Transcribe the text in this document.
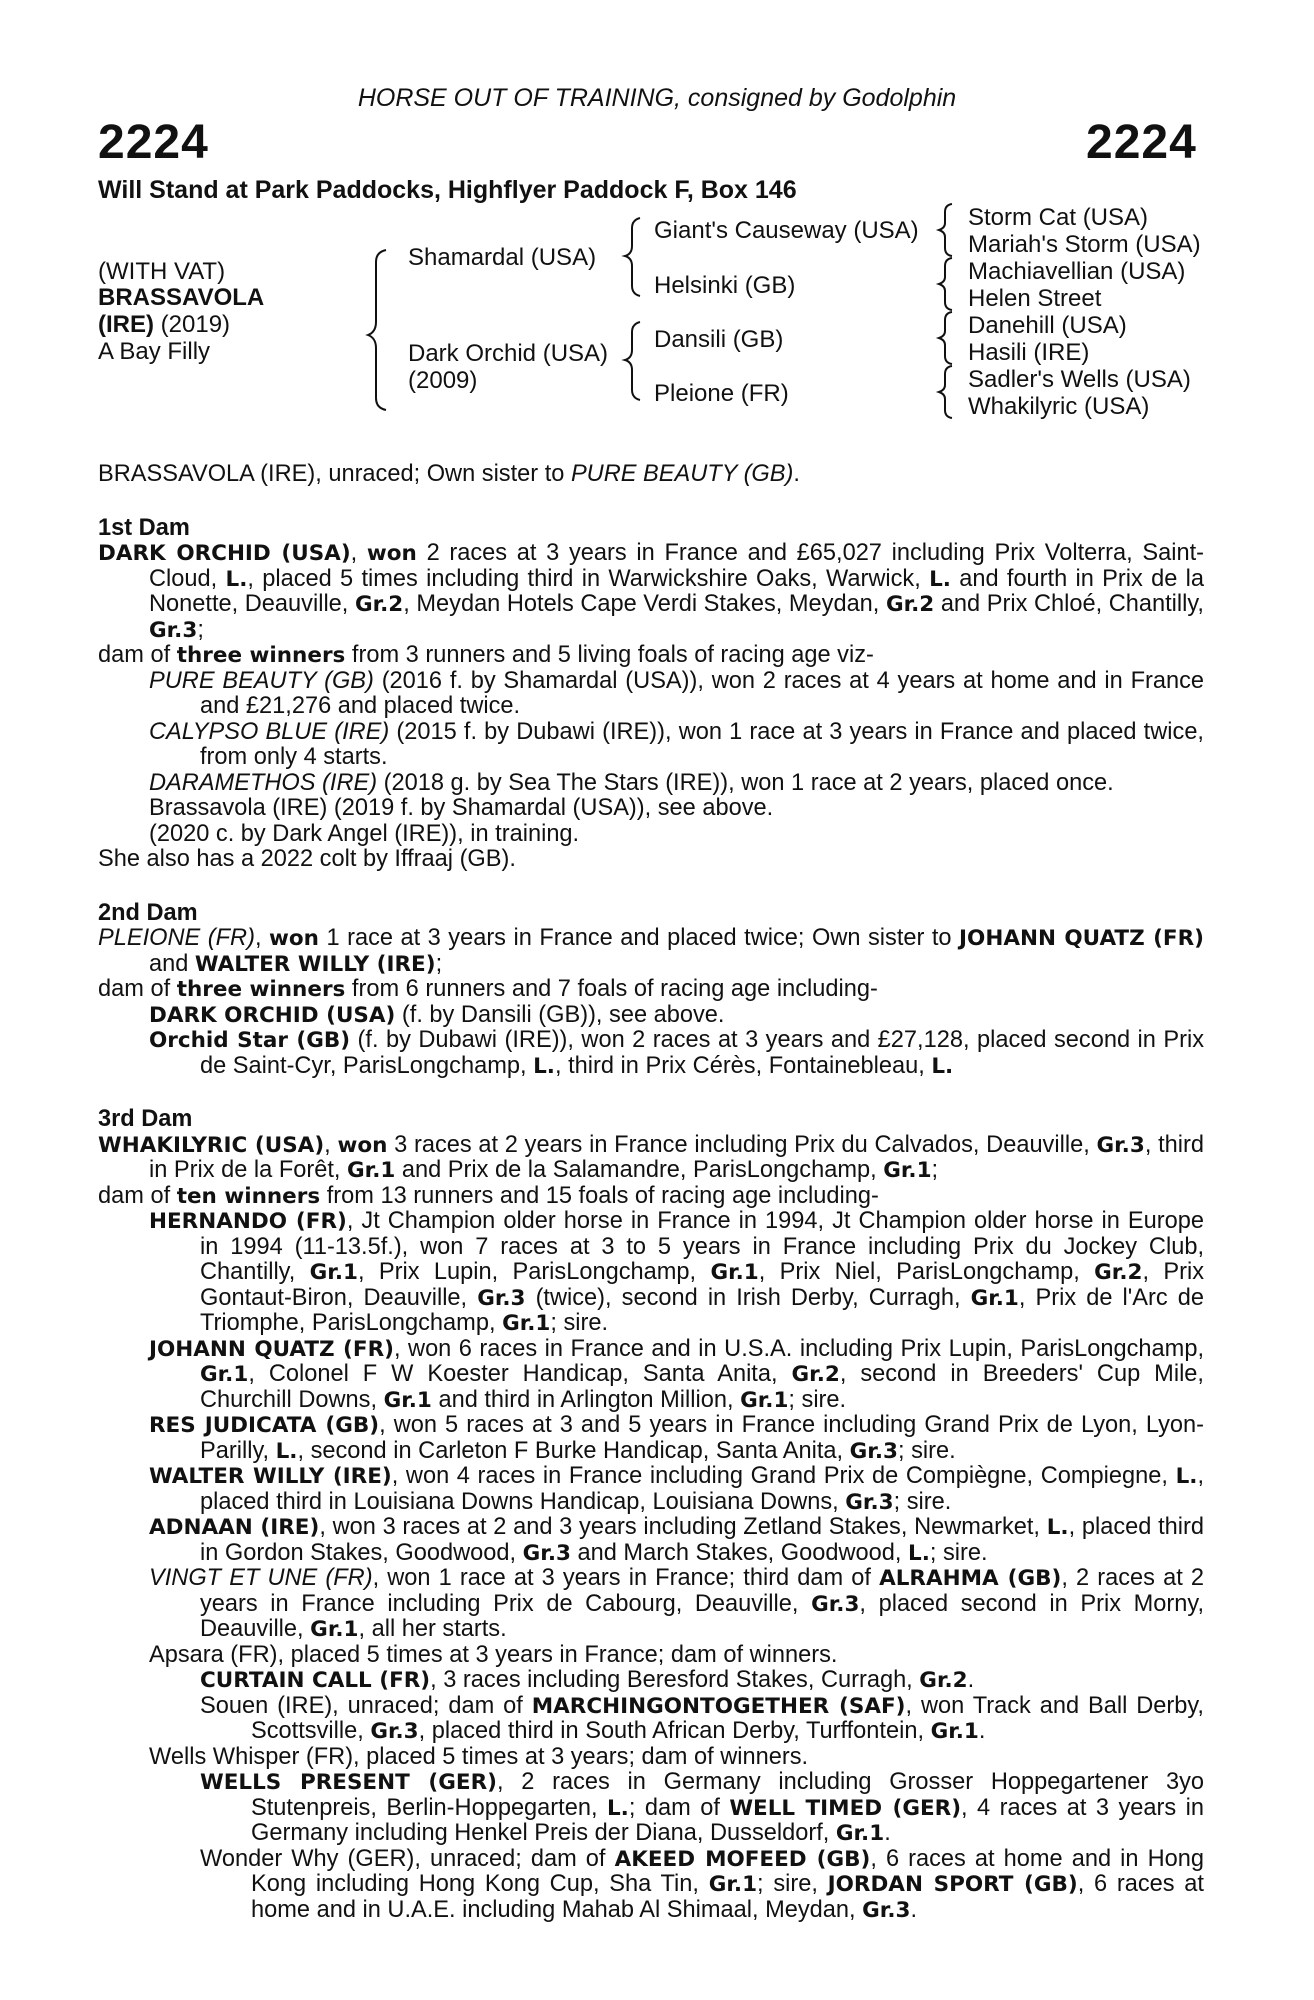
HORSE OUT OF TRAINING, consigned by Godolphin
2224	2224
Will Stand at Park Paddocks, Highflyer Paddock F, Box 146
(WITH VAT)
BRASSAVOLA
(IRE) (2019)
A Bay Filly
Shamardal (USA)
Dark Orchid (USA)
(2009)
Giant's Causeway (USA)
Helsinki (GB)
Dansili (GB)
Pleione (FR)
Storm Cat (USA)
Mariah's Storm (USA)
Machiavellian (USA)
Helen Street
Danehill (USA)
Hasili (IRE)
Sadler's Wells (USA)
Whakilyric (USA)
BRASSAVOLA (IRE), unraced; Own sister to PURE BEAUTY (GB).
1st Dam
DARK ORCHID (USA), won 2 races at 3 years in France and £65,027 including Prix Volterra, Saint-Cloud, L., placed 5 times including third in Warwickshire Oaks, Warwick, L. and fourth in Prix de la Nonette, Deauville, Gr.2, Meydan Hotels Cape Verdi Stakes, Meydan, Gr.2 and Prix Chloé, Chantilly, Gr.3;
dam of three winners from 3 runners and 5 living foals of racing age viz-
PURE BEAUTY (GB) (2016 f. by Shamardal (USA)), won 2 races at 4 years at home and in France and £21,276 and placed twice.
CALYPSO BLUE (IRE) (2015 f. by Dubawi (IRE)), won 1 race at 3 years in France and placed twice, from only 4 starts.
DARAMETHOS (IRE) (2018 g. by Sea The Stars (IRE)), won 1 race at 2 years, placed once.
Brassavola (IRE) (2019 f. by Shamardal (USA)), see above.
(2020 c. by Dark Angel (IRE)), in training.
She also has a 2022 colt by Iffraaj (GB).
2nd Dam
PLEIONE (FR), won 1 race at 3 years in France and placed twice; Own sister to JOHANN QUATZ (FR) and WALTER WILLY (IRE);
dam of three winners from 6 runners and 7 foals of racing age including-
DARK ORCHID (USA) (f. by Dansili (GB)), see above.
Orchid Star (GB) (f. by Dubawi (IRE)), won 2 races at 3 years and £27,128, placed second in Prix de Saint-Cyr, ParisLongchamp, L., third in Prix Cérès, Fontainebleau, L.
3rd Dam
WHAKILYRIC (USA), won 3 races at 2 years in France including Prix du Calvados, Deauville, Gr.3, third in Prix de la Forêt, Gr.1 and Prix de la Salamandre, ParisLongchamp, Gr.1;
dam of ten winners from 13 runners and 15 foals of racing age including-
HERNANDO (FR), Jt Champion older horse in France in 1994, Jt Champion older horse in Europe in 1994 (11-13.5f.), won 7 races at 3 to 5 years in France including Prix du Jockey Club, Chantilly, Gr.1, Prix Lupin, ParisLongchamp, Gr.1, Prix Niel, ParisLongchamp, Gr.2, Prix Gontaut-Biron, Deauville, Gr.3 (twice), second in Irish Derby, Curragh, Gr.1, Prix de l'Arc de Triomphe, ParisLongchamp, Gr.1; sire.
JOHANN QUATZ (FR), won 6 races in France and in U.S.A. including Prix Lupin, ParisLongchamp, Gr.1, Colonel F W Koester Handicap, Santa Anita, Gr.2, second in Breeders' Cup Mile, Churchill Downs, Gr.1 and third in Arlington Million, Gr.1; sire.
RES JUDICATA (GB), won 5 races at 3 and 5 years in France including Grand Prix de Lyon, Lyon-Parilly, L., second in Carleton F Burke Handicap, Santa Anita, Gr.3; sire.
WALTER WILLY (IRE), won 4 races in France including Grand Prix de Compiègne, Compiegne, L., placed third in Louisiana Downs Handicap, Louisiana Downs, Gr.3; sire.
ADNAAN (IRE), won 3 races at 2 and 3 years including Zetland Stakes, Newmarket, L., placed third in Gordon Stakes, Goodwood, Gr.3 and March Stakes, Goodwood, L.; sire.
VINGT ET UNE (FR), won 1 race at 3 years in France; third dam of ALRAHMA (GB), 2 races at 2 years in France including Prix de Cabourg, Deauville, Gr.3, placed second in Prix Morny, Deauville, Gr.1, all her starts.
Apsara (FR), placed 5 times at 3 years in France; dam of winners.
CURTAIN CALL (FR), 3 races including Beresford Stakes, Curragh, Gr.2.
Souen (IRE), unraced; dam of MARCHINGONTOGETHER (SAF), won Track and Ball Derby, Scottsville, Gr.3, placed third in South African Derby, Turffontein, Gr.1.
Wells Whisper (FR), placed 5 times at 3 years; dam of winners.
WELLS PRESENT (GER), 2 races in Germany including Grosser Hoppegartener 3yo Stutenpreis, Berlin-Hoppegarten, L.; dam of WELL TIMED (GER), 4 races at 3 years in Germany including Henkel Preis der Diana, Dusseldorf, Gr.1.
Wonder Why (GER), unraced; dam of AKEED MOFEED (GB), 6 races at home and in Hong Kong including Hong Kong Cup, Sha Tin, Gr.1; sire, JORDAN SPORT (GB), 6 races at home and in U.A.E. including Mahab Al Shimaal, Meydan, Gr.3.
